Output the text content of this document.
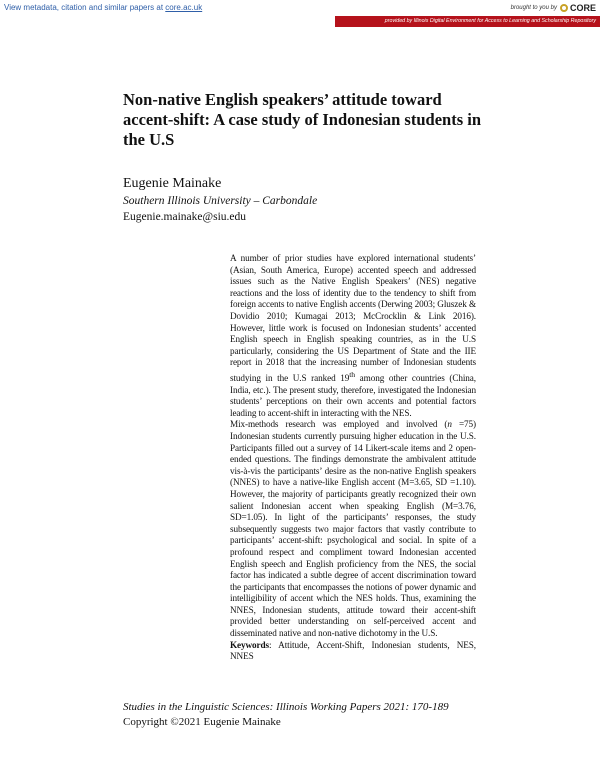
View metadata, citation and similar papers at core.ac.uk	brought to you by CORE
provided by Illinois Digital Environment for Access to Learning and Scholarship Repository
Non-native English speakers’ attitude toward accent-shift: A case study of Indonesian students in the U.S

Eugenie Mainake

Southern Illinois University – Carbondale

Eugenie.mainake@siu.edu

A number of prior studies have explored international students’ (Asian, South America, Europe) accented speech and addressed issues such as the Native English Speakers’ (NES) negative reactions and the loss of identity due to the tendency to shift from foreign accents to native English accents (Derwing 2003; Gluszek & Dovidio 2010; Kumagai 2013; McCrocklin & Link 2016). However, little work is focused on Indonesian students’ accented English speech in English speaking countries, as in the U.S particularly, considering the US Department of State and the IIE report in 2018 that the increasing number of Indonesian students studying in the U.S ranked 19th among other countries (China, India, etc.). The present study, therefore, investigated the Indonesian students’ perceptions on their own accents and potential factors leading to accent-shift in interacting with the NES.

Mix-methods research was employed and involved (n =75) Indonesian students currently pursuing higher education in the U.S. Participants filled out a survey of 14 Likert-scale items and 2 open-ended questions. The findings demonstrate the ambivalent attitude vis-à-vis the participants’ desire as the non-native English speakers (NNES) to have a native-like English accent (M=3.65, SD =1.10). However, the majority of participants greatly recognized their own salient Indonesian accent when speaking English (M=3.76, SD=1.05). In light of the participants’ responses, the study subsequently suggests two major factors that vastly contribute to participants’ accent-shift: psychological and social. In spite of a profound respect and compliment toward Indonesian accented English speech and English proficiency from the NES, the social factor has indicated a subtle degree of accent discrimination toward the participants that encompasses the notions of power dynamic and intelligibility of accent which the NES holds. Thus, examining the NNES, Indonesian students, attitude toward their accent-shift provided better understanding on self-perceived accent and disseminated native and non-native dichotomy in the U.S.

Keywords: Attitude, Accent-Shift, Indonesian students, NES, NNES

Studies in the Linguistic Sciences: Illinois Working Papers 2021: 170-189

Copyright ©2021 Eugenie Mainake
